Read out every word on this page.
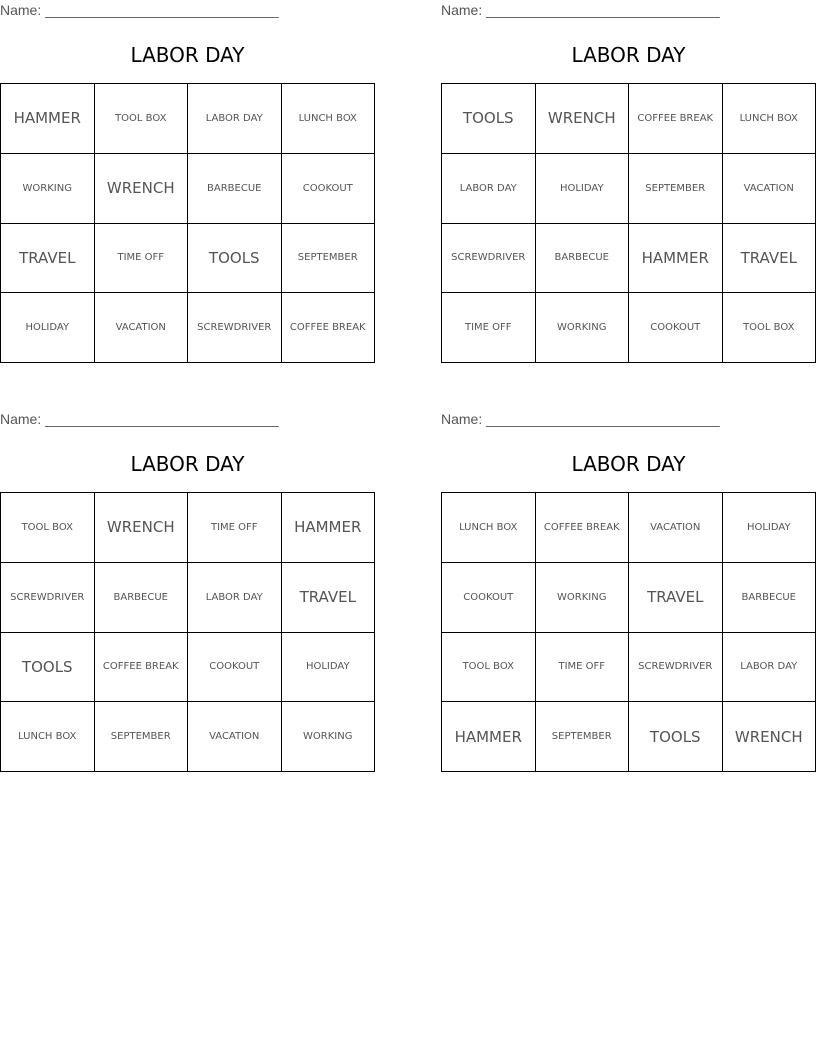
Name: ______________________________
LABOR DAY
HAMMER	TOOL BOX	LABOR DAY	LUNCH BOX
WORKING	WRENCH	BARBECUE	COOKOUT
TRAVEL	TIME OFF	TOOLS	SEPTEMBER
HOLIDAY	VACATION	SCREWDRIVER	COFFEE BREAK
Name: ______________________________
LABOR DAY
TOOLS	WRENCH	COFFEE BREAK	LUNCH BOX
LABOR DAY	HOLIDAY	SEPTEMBER	VACATION
SCREWDRIVER	BARBECUE	HAMMER	TRAVEL
TIME OFF	WORKING	COOKOUT	TOOL BOX
Name: ______________________________
LABOR DAY
TOOL BOX	WRENCH	TIME OFF	HAMMER
SCREWDRIVER	BARBECUE	LABOR DAY	TRAVEL
TOOLS	COFFEE BREAK	COOKOUT	HOLIDAY
LUNCH BOX	SEPTEMBER	VACATION	WORKING
Name: ______________________________
LABOR DAY
LUNCH BOX	COFFEE BREAK	VACATION	HOLIDAY
COOKOUT	WORKING	TRAVEL	BARBECUE
TOOL BOX	TIME OFF	SCREWDRIVER	LABOR DAY
HAMMER	SEPTEMBER	TOOLS	WRENCH
